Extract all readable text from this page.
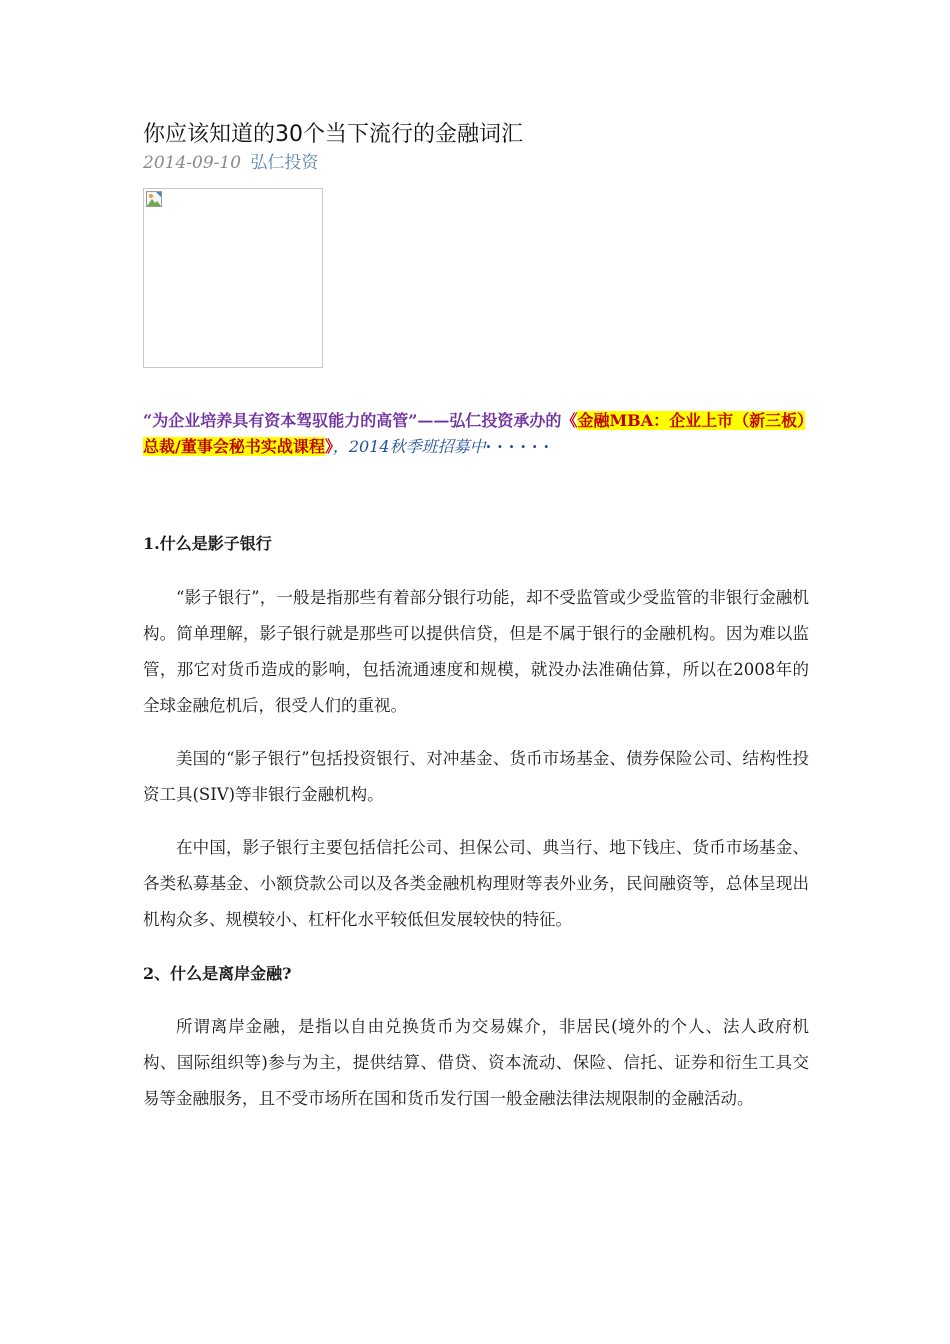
你应该知道的30个当下流行的金融词汇
2014-09-10 弘仁投资
“为企业培养具有资本驾驭能力的高管”——弘仁投资承办的《金融MBA：企业上市（新三板）总裁/董事会秘书实战课程》，2014秋季班招募中······
1.什么是影子银行

“影子银行”，一般是指那些有着部分银行功能，却不受监管或少受监管的非银行金融机构。简单理解，影子银行就是那些可以提供信贷，但是不属于银行的金融机构。因为难以监管，那它对货币造成的影响，包括流通速度和规模，就没办法准确估算，所以在2008年的全球金融危机后，很受人们的重视。

美国的“影子银行”包括投资银行、对冲基金、货币市场基金、债券保险公司、结构性投资工具(SIV)等非银行金融机构。

在中国，影子银行主要包括信托公司、担保公司、典当行、地下钱庄、货币市场基金、各类私募基金、小额贷款公司以及各类金融机构理财等表外业务，民间融资等，总体呈现出机构众多、规模较小、杠杆化水平较低但发展较快的特征。

2、什么是离岸金融?

所谓离岸金融，是指以自由兑换货币为交易媒介，非居民(境外的个人、法人政府机构、国际组织等)参与为主，提供结算、借贷、资本流动、保险、信托、证券和衍生工具交易等金融服务，且不受市场所在国和货币发行国一般金融法律法规限制的金融活动。
